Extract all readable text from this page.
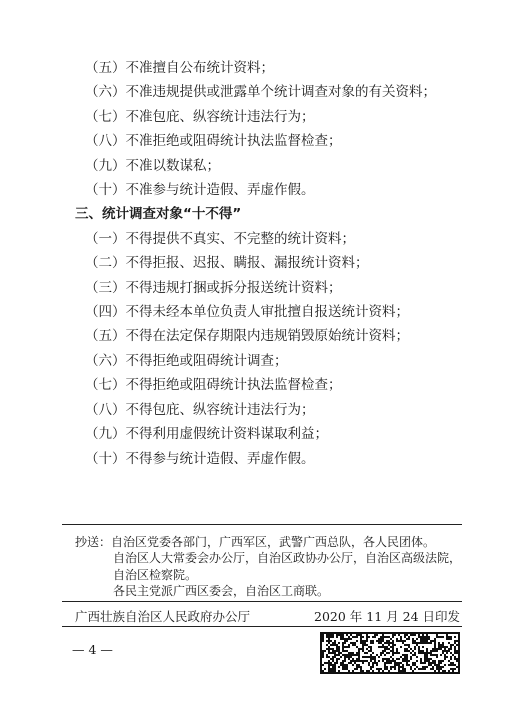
（五）不准擅自公布统计资料；
（六）不准违规提供或泄露单个统计调查对象的有关资料；
（七）不准包庇、纵容统计违法行为；
（八）不准拒绝或阻碍统计执法监督检查；
（九）不准以数谋私；
（十）不准参与统计造假、弄虚作假。
三、统计调查对象“十不得”
（一）不得提供不真实、不完整的统计资料；
（二）不得拒报、迟报、瞒报、漏报统计资料；
（三）不得违规打捆或拆分报送统计资料；
（四）不得未经本单位负责人审批擅自报送统计资料；
（五）不得在法定保存期限内违规销毁原始统计资料；
（六）不得拒绝或阻碍统计调查；
（七）不得拒绝或阻碍统计执法监督检查；
（八）不得包庇、纵容统计违法行为；
（九）不得利用虚假统计资料谋取利益；
（十）不得参与统计造假、弄虚作假。
抄送：自治区党委各部门，广西军区，武警广西总队，各人民团体。
自治区人大常委会办公厅，自治区政协办公厅，自治区高级法院，
自治区检察院。
各民主党派广西区委会，自治区工商联。
广西壮族自治区人民政府办公厅	2020 年 11 月 24 日印发
— 4 —
